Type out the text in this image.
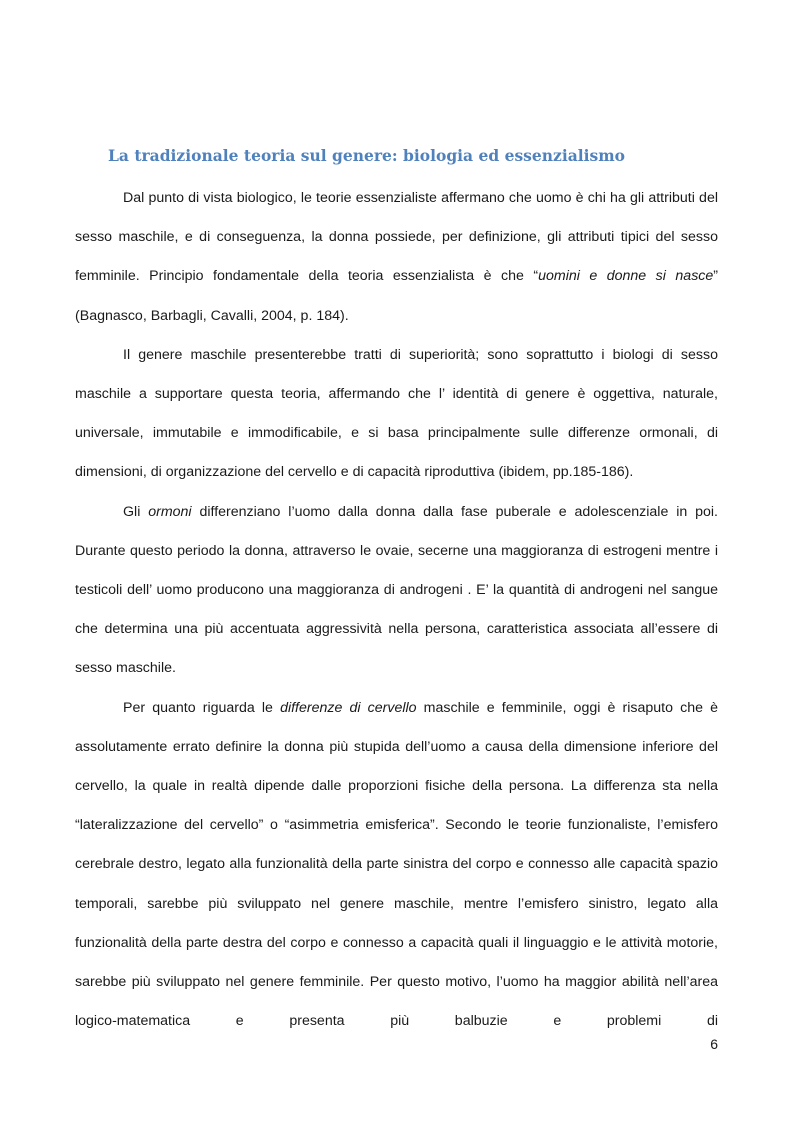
La tradizionale teoria sul genere: biologia ed essenzialismo

Dal punto di vista biologico, le teorie essenzialiste affermano che uomo è chi ha gli attributi del sesso maschile, e di conseguenza, la donna possiede, per definizione, gli attributi tipici del sesso femminile. Principio fondamentale della teoria essenzialista è che “uomini e donne si nasce” (Bagnasco, Barbagli, Cavalli, 2004, p. 184).

Il genere maschile presenterebbe tratti di superiorità; sono soprattutto i biologi di sesso maschile a supportare questa teoria, affermando che l’ identità di genere è oggettiva, naturale, universale, immutabile e immodificabile, e si basa principalmente sulle differenze ormonali, di dimensioni, di organizzazione del cervello e di capacità riproduttiva (ibidem, pp.185-186).

Gli ormoni differenziano l’uomo dalla donna dalla fase puberale e adolescenziale in poi. Durante questo periodo la donna, attraverso le ovaie, secerne una maggioranza di estrogeni mentre i testicoli dell’ uomo producono una maggioranza di androgeni . E’ la quantità di androgeni nel sangue che determina una più accentuata aggressività nella persona, caratteristica associata all’essere di sesso maschile.

Per quanto riguarda le differenze di cervello maschile e femminile, oggi è risaputo che è assolutamente errato definire la donna più stupida dell’uomo a causa della dimensione inferiore del cervello, la quale in realtà dipende dalle proporzioni fisiche della persona. La differenza sta nella “lateralizzazione del cervello” o “asimmetria emisferica”. Secondo le teorie funzionaliste, l’emisfero cerebrale destro, legato alla funzionalità della parte sinistra del corpo e connesso alle capacità spazio temporali, sarebbe più sviluppato nel genere maschile, mentre l’emisfero sinistro, legato alla funzionalità della parte destra del corpo e connesso a capacità quali il linguaggio e le attività motorie, sarebbe più sviluppato nel genere femminile. Per questo motivo, l’uomo ha maggior abilità nell’area logico-matematica e presenta più balbuzie e problemi di

6
